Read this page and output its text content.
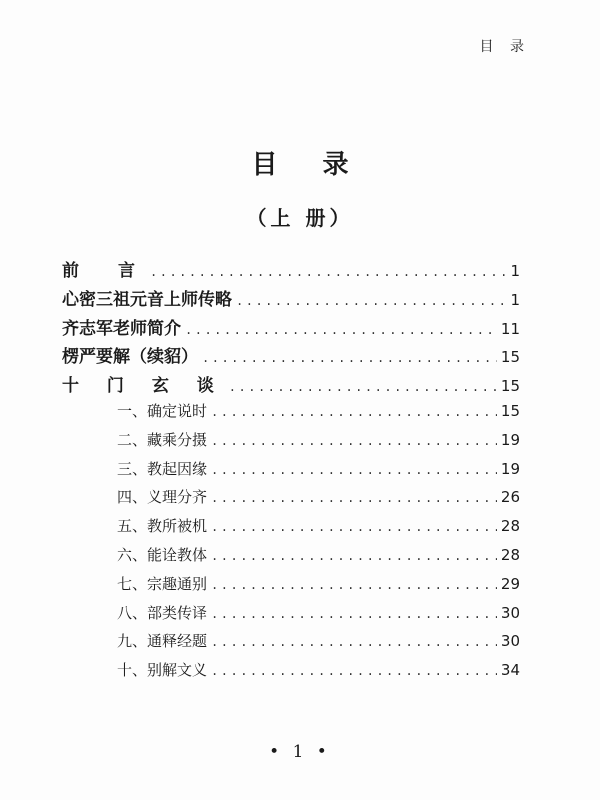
目 录
目 录
（上 册）
前　言 .....	1
心密三祖元音上师传略 .....	1
齐志军老师简介 .....	11
楞严要解（续貂） .....	15
十 门 玄 谈 .....	15
一、确定说时 .....	15
二、藏乘分摄 .....	19
三、教起因缘 .....	19
四、义理分齐 .....	26
五、教所被机 .....	28
六、能诠教体 .....	28
七、宗趣通别 .....	29
八、部类传译 .....	30
九、通释经题 .....	30
十、别解文义 .....	34
• 1 •
